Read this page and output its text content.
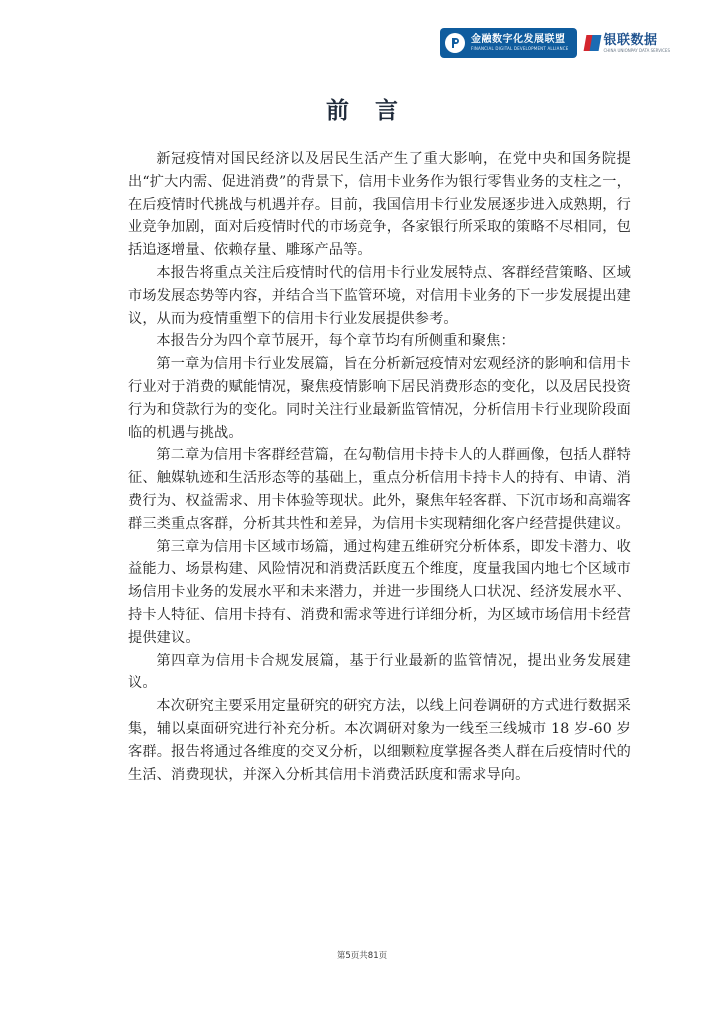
金融数字化发展联盟
FINANCIAL DIGITAL DEVELOPMENT ALLIANCE
银联数据
CHINA UNIONPAY DATA SERVICES
前言

新冠疫情对国民经济以及居民生活产生了重大影响，在党中央和国务院提出“扩大内需、促进消费”的背景下，信用卡业务作为银行零售业务的支柱之一，在后疫情时代挑战与机遇并存。目前，我国信用卡行业发展逐步进入成熟期，行业竞争加剧，面对后疫情时代的市场竞争，各家银行所采取的策略不尽相同，包括追逐增量、依赖存量、雕琢产品等。

本报告将重点关注后疫情时代的信用卡行业发展特点、客群经营策略、区域市场发展态势等内容，并结合当下监管环境，对信用卡业务的下一步发展提出建议，从而为疫情重塑下的信用卡行业发展提供参考。

本报告分为四个章节展开，每个章节均有所侧重和聚焦：

第一章为信用卡行业发展篇，旨在分析新冠疫情对宏观经济的影响和信用卡行业对于消费的赋能情况，聚焦疫情影响下居民消费形态的变化，以及居民投资行为和贷款行为的变化。同时关注行业最新监管情况，分析信用卡行业现阶段面临的机遇与挑战。

第二章为信用卡客群经营篇，在勾勒信用卡持卡人的人群画像，包括人群特征、触媒轨迹和生活形态等的基础上，重点分析信用卡持卡人的持有、申请、消费行为、权益需求、用卡体验等现状。此外，聚焦年轻客群、下沉市场和高端客群三类重点客群，分析其共性和差异，为信用卡实现精细化客户经营提供建议。

第三章为信用卡区域市场篇，通过构建五维研究分析体系，即发卡潜力、收益能力、场景构建、风险情况和消费活跃度五个维度，度量我国内地七个区域市场信用卡业务的发展水平和未来潜力，并进一步围绕人口状况、经济发展水平、持卡人特征、信用卡持有、消费和需求等进行详细分析，为区域市场信用卡经营提供建议。

第四章为信用卡合规发展篇，基于行业最新的监管情况，提出业务发展建议。

本次研究主要采用定量研究的研究方法，以线上问卷调研的方式进行数据采集，辅以桌面研究进行补充分析。本次调研对象为一线至三线城市 18 岁-60 岁客群。报告将通过各维度的交叉分析，以细颗粒度掌握各类人群在后疫情时代的生活、消费现状，并深入分析其信用卡消费活跃度和需求导向。

第5页共81页
